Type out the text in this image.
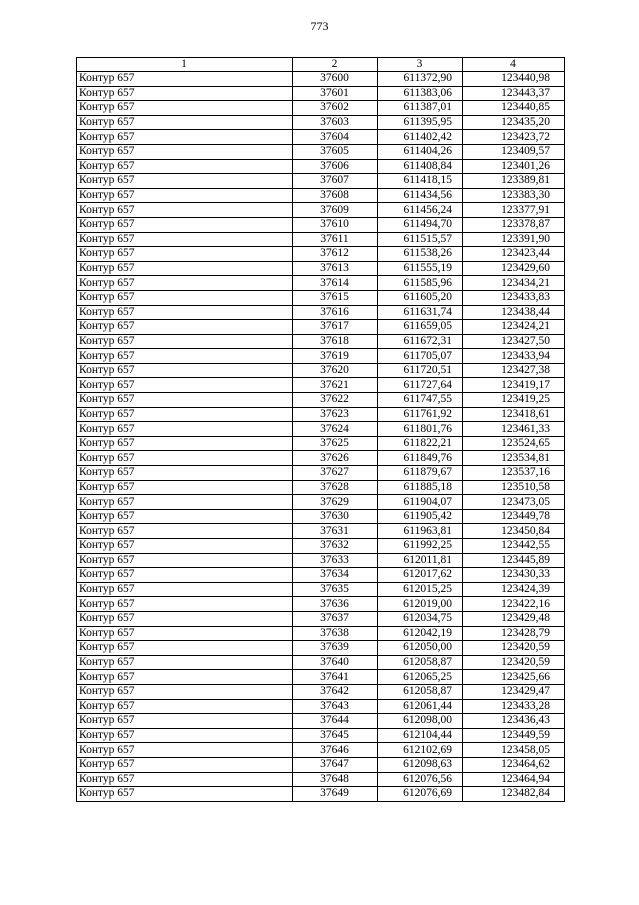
773
1	2	3	4
Контур 657	37600	611372,90	123440,98
Контур 657	37601	611383,06	123443,37
Контур 657	37602	611387,01	123440,85
Контур 657	37603	611395,95	123435,20
Контур 657	37604	611402,42	123423,72
Контур 657	37605	611404,26	123409,57
Контур 657	37606	611408,84	123401,26
Контур 657	37607	611418,15	123389,81
Контур 657	37608	611434,56	123383,30
Контур 657	37609	611456,24	123377,91
Контур 657	37610	611494,70	123378,87
Контур 657	37611	611515,57	123391,90
Контур 657	37612	611538,26	123423,44
Контур 657	37613	611555,19	123429,60
Контур 657	37614	611585,96	123434,21
Контур 657	37615	611605,20	123433,83
Контур 657	37616	611631,74	123438,44
Контур 657	37617	611659,05	123424,21
Контур 657	37618	611672,31	123427,50
Контур 657	37619	611705,07	123433,94
Контур 657	37620	611720,51	123427,38
Контур 657	37621	611727,64	123419,17
Контур 657	37622	611747,55	123419,25
Контур 657	37623	611761,92	123418,61
Контур 657	37624	611801,76	123461,33
Контур 657	37625	611822,21	123524,65
Контур 657	37626	611849,76	123534,81
Контур 657	37627	611879,67	123537,16
Контур 657	37628	611885,18	123510,58
Контур 657	37629	611904,07	123473,05
Контур 657	37630	611905,42	123449,78
Контур 657	37631	611963,81	123450,84
Контур 657	37632	611992,25	123442,55
Контур 657	37633	612011,81	123445,89
Контур 657	37634	612017,62	123430,33
Контур 657	37635	612015,25	123424,39
Контур 657	37636	612019,00	123422,16
Контур 657	37637	612034,75	123429,48
Контур 657	37638	612042,19	123428,79
Контур 657	37639	612050,00	123420,59
Контур 657	37640	612058,87	123420,59
Контур 657	37641	612065,25	123425,66
Контур 657	37642	612058,87	123429,47
Контур 657	37643	612061,44	123433,28
Контур 657	37644	612098,00	123436,43
Контур 657	37645	612104,44	123449,59
Контур 657	37646	612102,69	123458,05
Контур 657	37647	612098,63	123464,62
Контур 657	37648	612076,56	123464,94
Контур 657	37649	612076,69	123482,84
